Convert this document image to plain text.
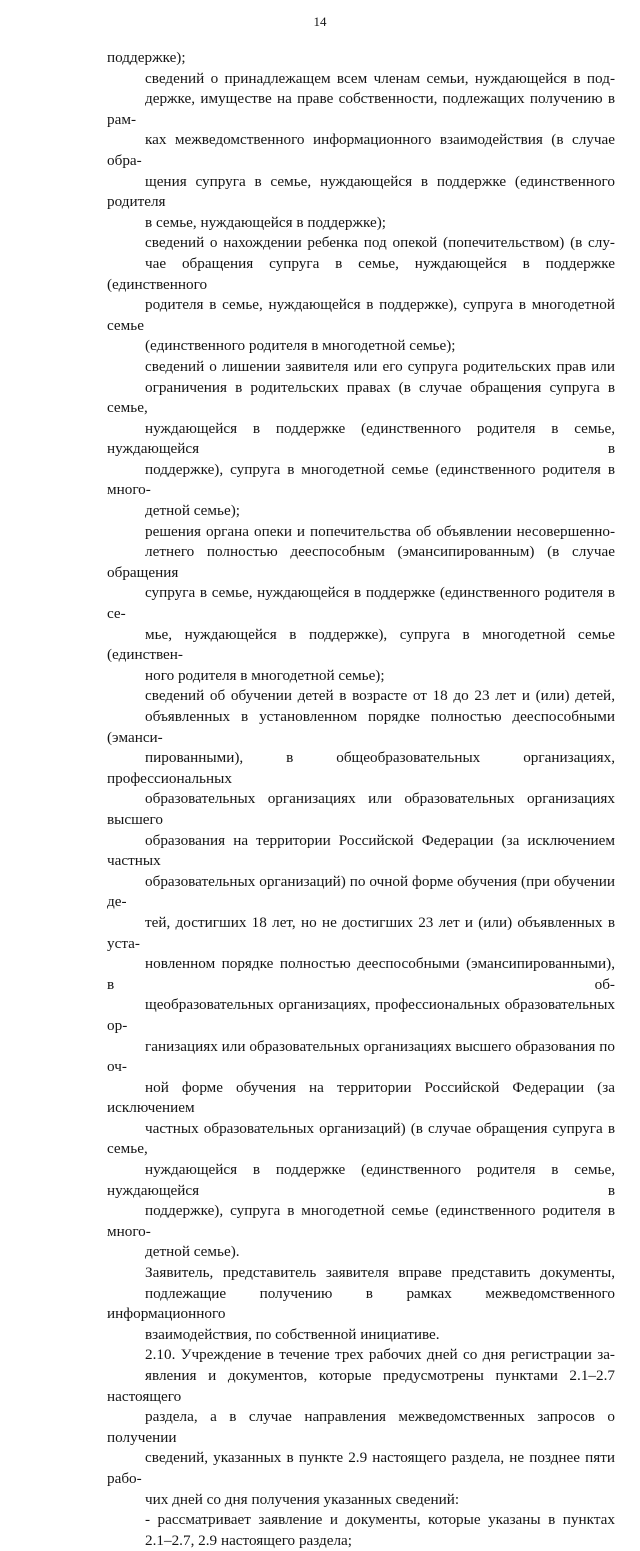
14

поддержке);

сведений о принадлежащем всем членам семьи, нуждающейся в под-
держке, имуществе на праве собственности, подлежащих получению в рам-
ках межведомственного информационного взаимодействия (в случае обра-
щения супруга в семье, нуждающейся в поддержке (единственного родителя
в семье, нуждающейся в поддержке);

сведений о нахождении ребенка под опекой (попечительством) (в слу-
чае обращения супруга в семье, нуждающейся в поддержке (единственного
родителя в семье, нуждающейся в поддержке), супруга в многодетной семье
(единственного родителя в многодетной семье);

сведений о лишении заявителя или его супруга родительских прав или
ограничения в родительских правах (в случае обращения супруга в семье,
нуждающейся в поддержке (единственного родителя в семье, нуждающейся в
поддержке), супруга в многодетной семье (единственного родителя в много-
детной семье);

решения органа опеки и попечительства об объявлении несовершенно-
летнего полностью дееспособным (эмансипированным) (в случае обращения
супруга в семье, нуждающейся в поддержке (единственного родителя в се-
мье, нуждающейся в поддержке), супруга в многодетной семье (единствен-
ного родителя в многодетной семье);

сведений об обучении детей в возрасте от 18 до 23 лет и (или) детей,
объявленных в установленном порядке полностью дееспособными (эманси-
пированными), в общеобразовательных организациях, профессиональных
образовательных организациях или образовательных организациях высшего
образования на территории Российской Федерации (за исключением частных
образовательных организаций) по очной форме обучения (при обучении де-
тей, достигших 18 лет, но не достигших 23 лет и (или) объявленных в уста-
новленном порядке полностью дееспособными (эмансипированными), в об-
щеобразовательных организациях, профессиональных образовательных ор-
ганизациях или образовательных организациях высшего образования по оч-
ной форме обучения на территории Российской Федерации (за исключением
частных образовательных организаций) (в случае обращения супруга в семье,
нуждающейся в поддержке (единственного родителя в семье, нуждающейся в
поддержке), супруга в многодетной семье (единственного родителя в много-
детной семье).

Заявитель, представитель заявителя вправе представить документы,
подлежащие получению в рамках межведомственного информационного
взаимодействия, по собственной инициативе.

2.10. Учреждение в течение трех рабочих дней со дня регистрации за-
явления и документов, которые предусмотрены пунктами 2.1–2.7 настоящего
раздела, а в случае направления межведомственных запросов о получении
сведений, указанных в пункте 2.9 настоящего раздела, не позднее пяти рабо-
чих дней со дня получения указанных сведений:

- рассматривает заявление и документы, которые указаны в пунктах
2.1–2.7, 2.9 настоящего раздела;
